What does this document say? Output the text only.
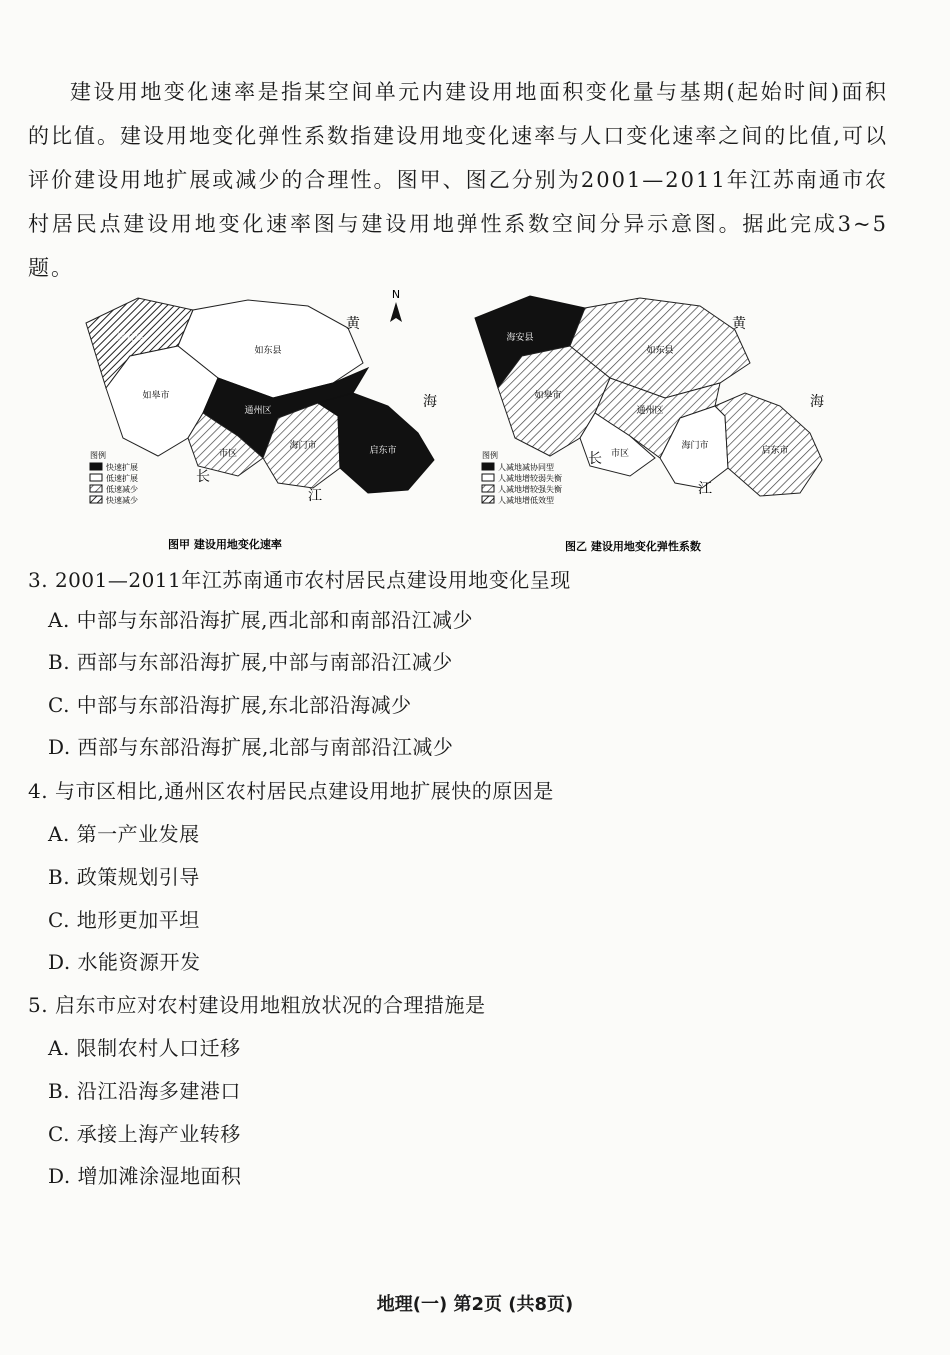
建设用地变化速率是指某空间单元内建设用地面积变化量与基期(起始时间)面积的比值。建设用地变化弹性系数指建设用地变化速率与人口变化速率之间的比值,可以评价建设用地扩展或减少的合理性。图甲、图乙分别为2001—2011年江苏南通市农村居民点建设用地变化速率图与建设用地弹性系数空间分异示意图。据此完成3~5题。
海安县
如东县
如皋市
通州区
市区
海门市	启东市
N
黄
海
长
江
图例
快速扩展
低速扩展
低速减少
快速减少
图甲 建设用地变化速率
海安县
如东县
如皋市
通州区
市区
海门市	启东市
黄
海
长
江
图例
人减地减协同型
人减地增较弱失衡
人减地增较强失衡
人减地增低效型
图乙 建设用地变化弹性系数
3. 2001—2011年江苏南通市农村居民点建设用地变化呈现
A. 中部与东部沿海扩展,西北部和南部沿江减少
B. 西部与东部沿海扩展,中部与南部沿江减少
C. 中部与东部沿海扩展,东北部沿海减少
D. 西部与东部沿海扩展,北部与南部沿江减少
4. 与市区相比,通州区农村居民点建设用地扩展快的原因是
A. 第一产业发展
B. 政策规划引导
C. 地形更加平坦
D. 水能资源开发
5. 启东市应对农村建设用地粗放状况的合理措施是
A. 限制农村人口迁移
B. 沿江沿海多建港口
C. 承接上海产业转移
D. 增加滩涂湿地面积
地理(一) 第2页 (共8页)
